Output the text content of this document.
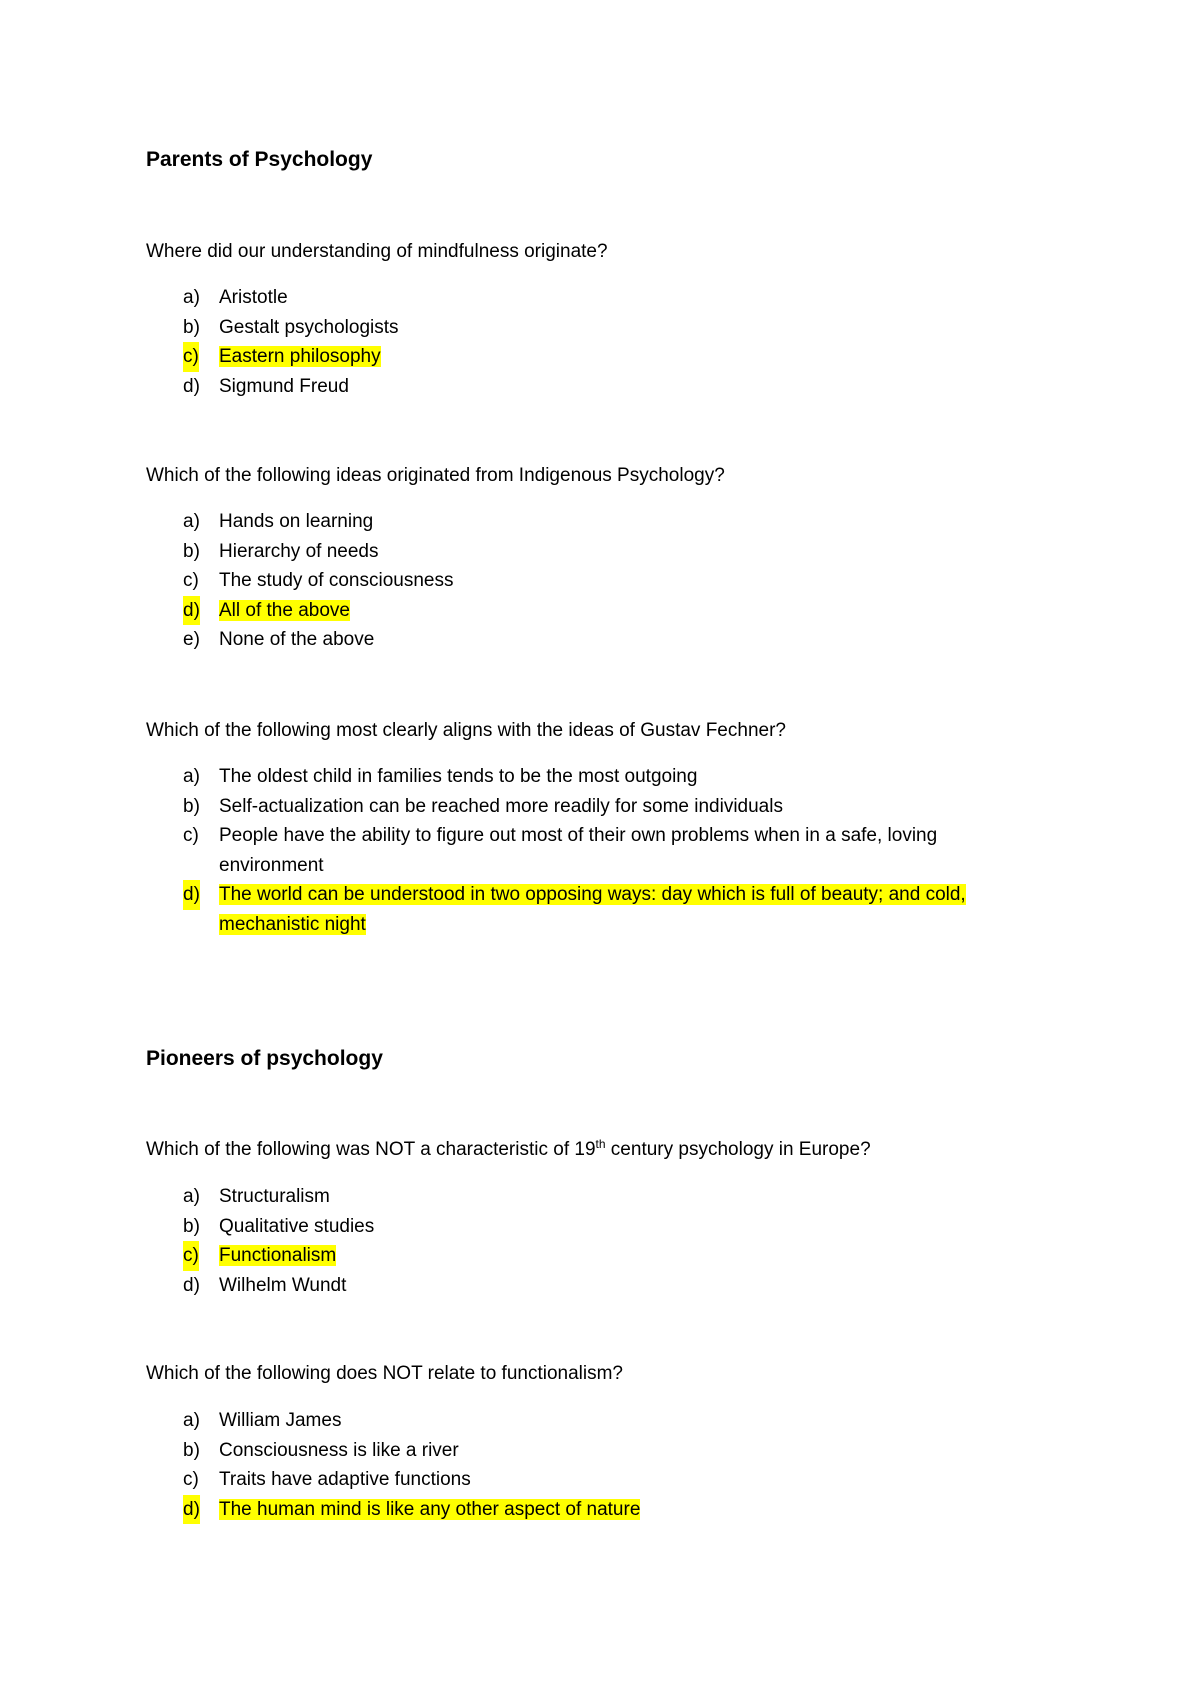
Parents of Psychology

Where did our understanding of mindfulness originate?

a) Aristotle
b) Gestalt psychologists
c) Eastern philosophy
d) Sigmund Freud

Which of the following ideas originated from Indigenous Psychology?

a) Hands on learning
b) Hierarchy of needs
c) The study of consciousness
d) All of the above
e) None of the above

Which of the following most clearly aligns with the ideas of Gustav Fechner?

a) The oldest child in families tends to be the most outgoing
b) Self-actualization can be reached more readily for some individuals
c) People have the ability to figure out most of their own problems when in a safe, loving
environment
d) The world can be understood in two opposing ways: day which is full of beauty; and cold,
mechanistic night
Pioneers of psychology

Which of the following was NOT a characteristic of 19th century psychology in Europe?

a) Structuralism
b) Qualitative studies
c) Functionalism
d) Wilhelm Wundt

Which of the following does NOT relate to functionalism?

a) William James
b) Consciousness is like a river
c) Traits have adaptive functions
d) The human mind is like any other aspect of nature
